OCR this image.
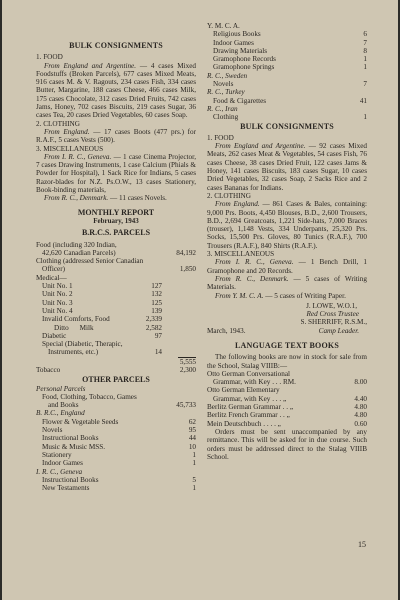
BULK CONSIGNMENTS
1. FOOD

From England and Argentine. — 4 cases Mixed Foodstuffs (Broken Parcels), 677 cases Mixed Meats, 916 cases M. & V. Ragouts, 234 cases Fish, 334 cases Butter, Margarine, 188 cases Cheese, 466 cases Milk, 175 cases Chocolate, 312 cases Dried Fruits, 742 cases Jams, Honey, 702 cases Biscuits, 219 cases Sugar, 36 cases Tea, 20 cases Dried Vegetables, 60 cases Soap.

2. CLOTHING

From England. — 17 cases Boots (477 prs.) for R.A.F., 5 cases Vests (500).

3. MISCELLANEOUS

From I. R. C., Geneva. — 1 case Cinema Projector, 7 cases Drawing Instruments, 1 case Calcium (Phials & Powder for Hospital), 1 Sack Rice for Indians, 5 cases Razor-blades for N.Z. Ps.O.W., 13 cases Stationery, Book-binding materials,

From R. C., Denmark. — 11 cases Novels.

MONTHLY REPORT
February, 1943
B.R.C.S. PARCELS
Food (including 320 Indian,
42,620 Canadian Parcels)	84,192
Clothing (addressed Senior Canadian
Officer)	1,850
Medical—
Unit No. 1	127
Unit No. 2	132
Unit No. 3	125
Unit No. 4	139
Invalid Comforts, Food	2,339
Ditto Milk	2,582
Diabetic	97
Special (Diabetic, Therapic,
Instruments, etc.)	14
5,555
Tobacco	2,300
OTHER PARCELS
Personal Parcels
Food, Clothing, Tobacco, Games
and Books	45,733
B. R.C., England
Flower & Vegetable Seeds	62
Novels	95
Instructional Books	44
Music & Music MSS.	10
Stationery	1
Indoor Games	1
I. R. C., Geneva
Instructional Books	5
New Testaments	1
Y. M. C. A.
Religious Books	6
Indoor Games	7
Drawing Materials	8
Gramophone Records	1
Gramophone Springs	1
R. C., Sweden
Novels	7
R. C., Turkey
Food & Cigarettes	41
R. C., Iran
Clothing	1
BULK CONSIGNMENTS
1. FOOD

From England and Argentine. — 92 cases Mixed Meats, 262 cases Meat & Vegetables, 54 cases Fish, 76 cases Cheese, 38 cases Dried Fruit, 122 cases Jams & Honey, 141 cases Biscuits, 183 cases Sugar, 10 cases Dried Vegetables, 32 cases Soap, 2 Sacks Rice and 2 cases Bananas for Indians.

2. CLOTHING

From England. — 861 Cases & Bales, containing: 9,000 Prs. Boots, 4,450 Blouses, B.D., 2,600 Trousers, B.D., 2,694 Greatcoats, 1,221 Side-hats, 7,000 Braces (trouser), 1,148 Vests, 334 Underpants, 25,320 Prs. Socks, 15,500 Prs. Gloves, 80 Tunics (R.A.F.), 700 Trousers (R.A.F.), 840 Shirts (R.A.F.).

3. MISCELLANEOUS

From I. R. C., Geneva. — 1 Bench Drill, 1 Gramophone and 20 Records.

From R. C., Denmark. — 5 cases of Writing Materials.

From Y. M. C. A. — 5 cases of Writing Paper.

J. LOWE, W.O.1,
Red Cross Trustee
S. SHERRIFF, R.S.M.,
March, 1943.	Camp Leader.
LANGUAGE TEXT BOOKS

The following books are now in stock for sale from the School, Stalag VIIIB:—

Otto German Conversational
Grammar, with Key . . . RM.	8.00
Otto German Elementary
Grammar, with Key . . . „	4.40
Berlitz German Grammar . . „	4.80
Berlitz French Grammar . . „	4.80
Mein Deutschbuch . . . . „	0.60

Orders must be sent unaccompanied by any remittance. This will be asked for in due course. Such orders must be addressed direct to the Stalag VIIIB School.

15
